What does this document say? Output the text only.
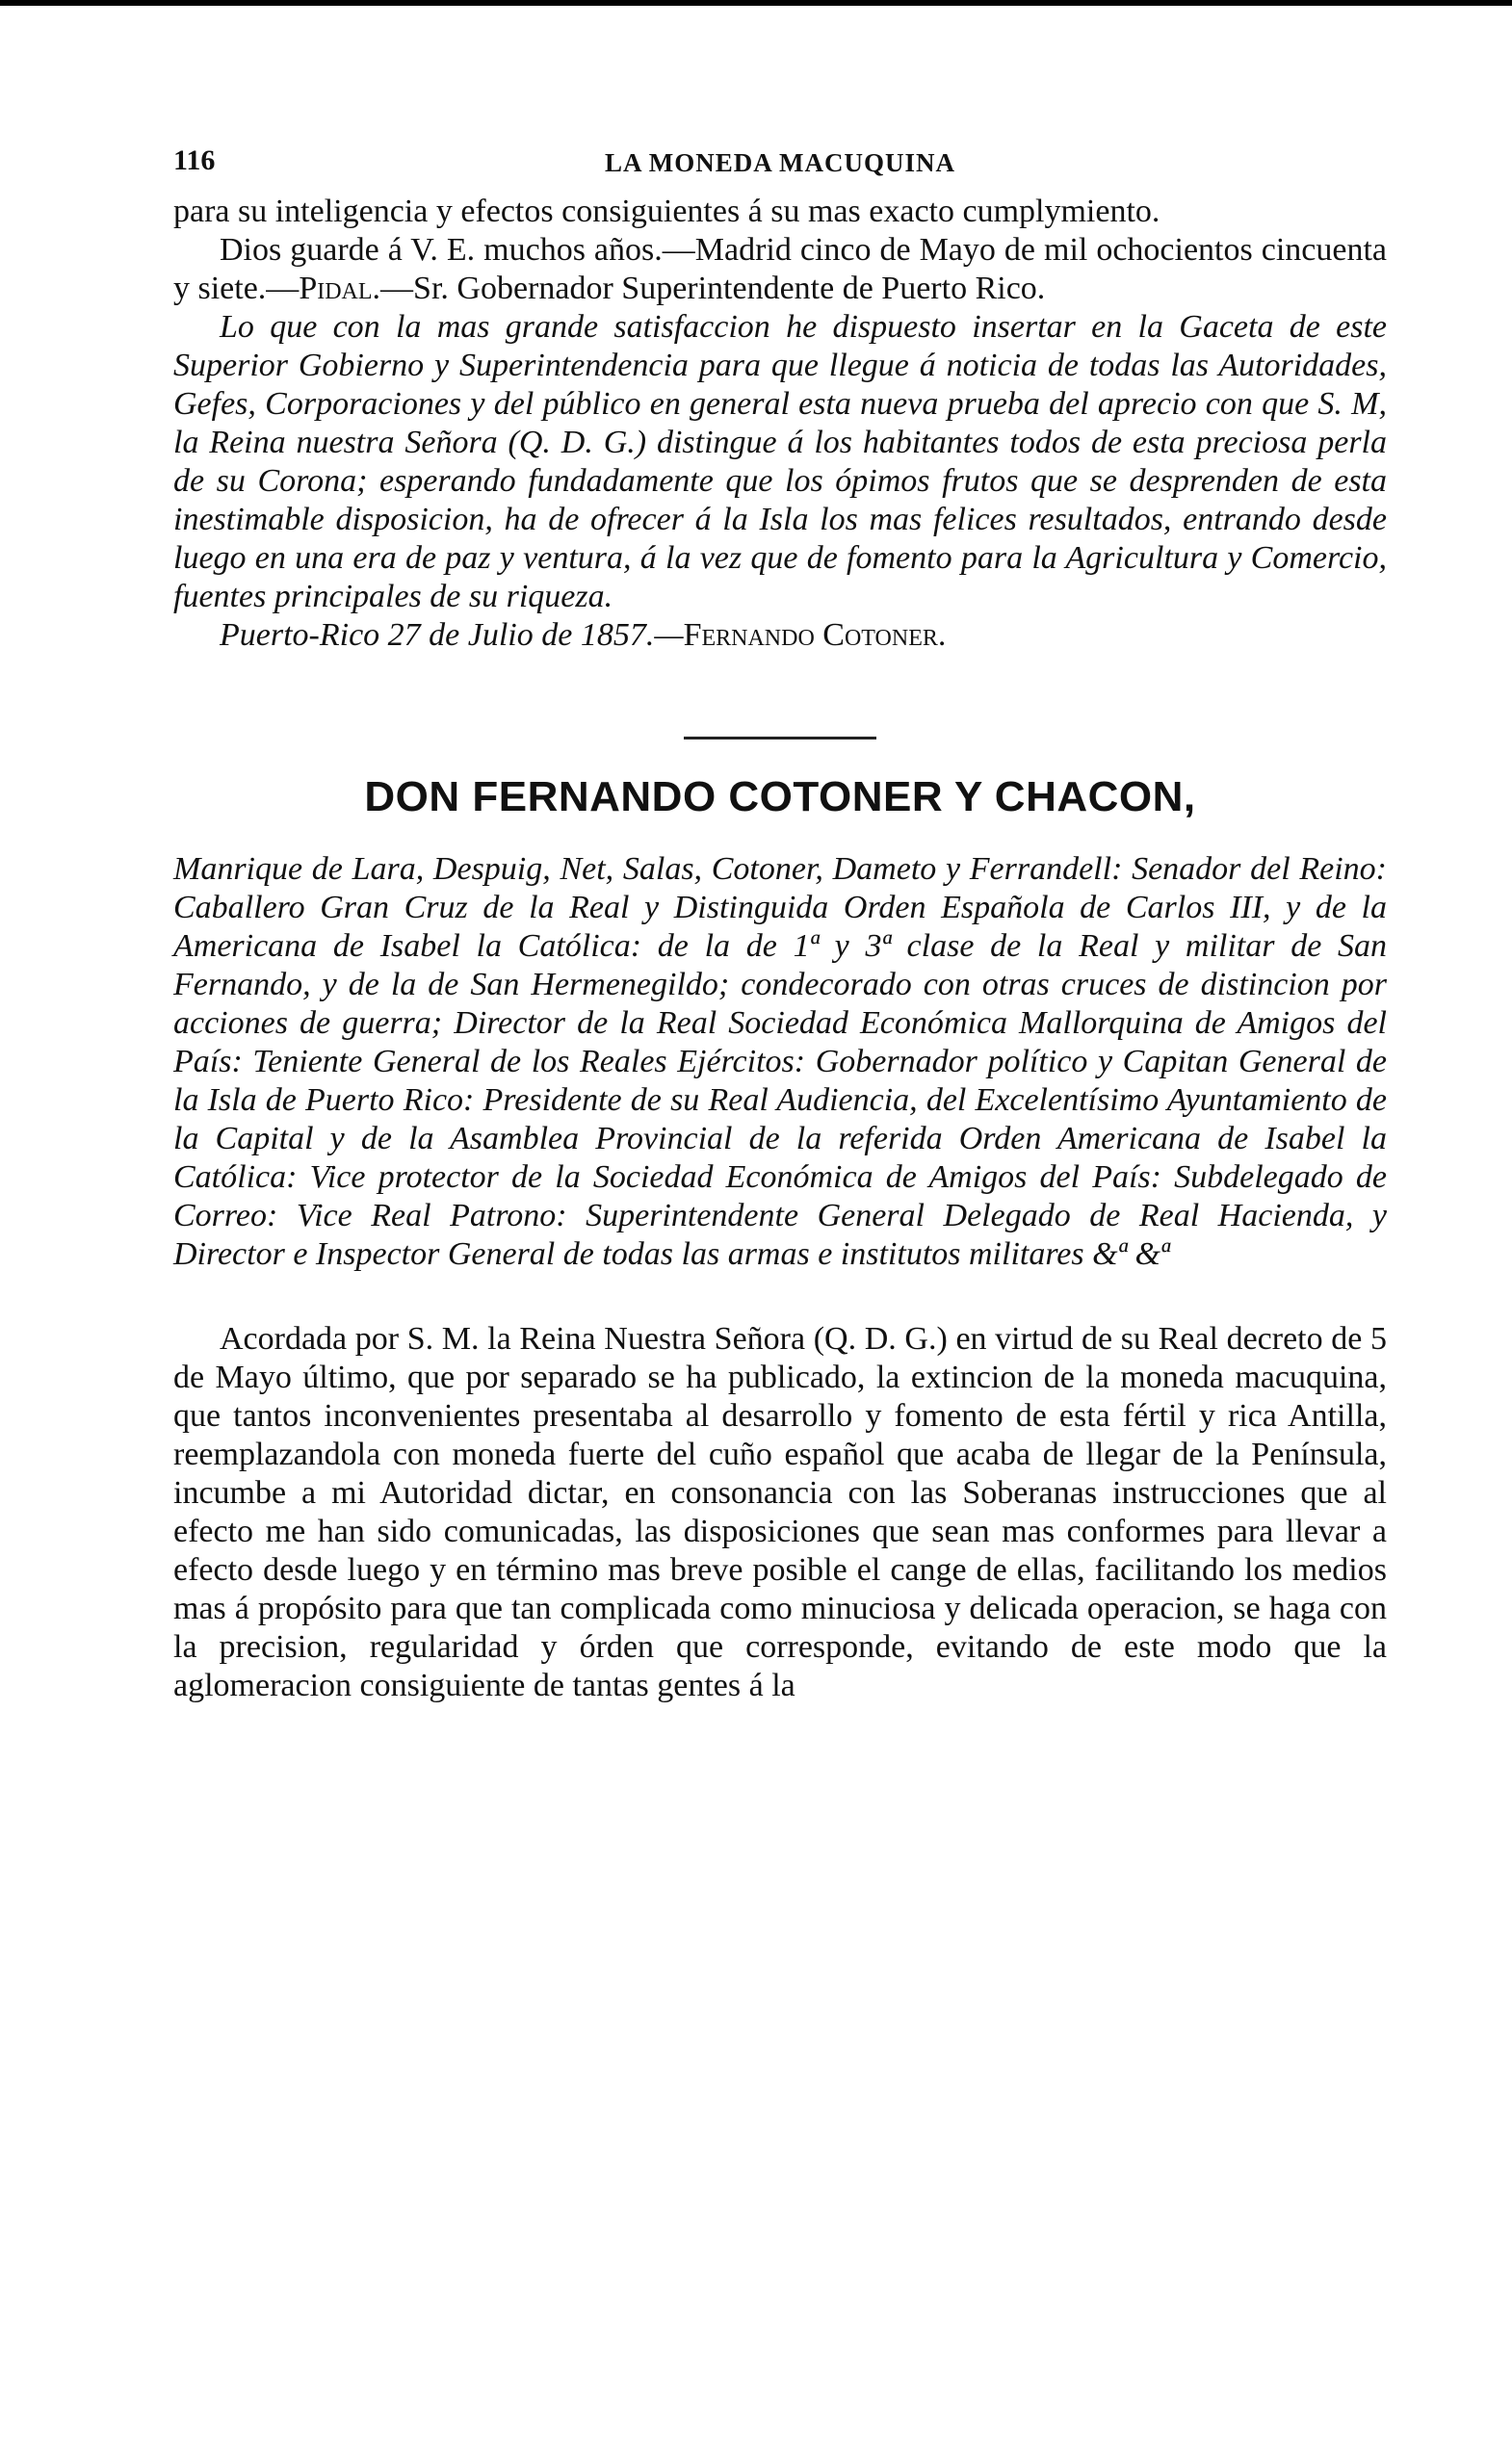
116	LA MONEDA MACUQUINA

para su inteligencia y efectos consiguientes á su mas exacto cumplymiento.

Dios guarde á V. E. muchos años.—Madrid cinco de Mayo de mil ochocientos cincuenta y siete.—Pidal.—Sr. Gobernador Superintendente de Puerto Rico.

Lo que con la mas grande satisfaccion he dispuesto insertar en la Gaceta de este Superior Gobierno y Superintendencia para que llegue á noticia de todas las Autoridades, Gefes, Corporaciones y del público en general esta nueva prueba del aprecio con que S. M, la Reina nuestra Señora (Q. D. G.) distingue á los habitantes todos de esta preciosa perla de su Corona; esperando fundadamente que los ópimos frutos que se desprenden de esta inestimable disposicion, ha de ofrecer á la Isla los mas felices resultados, entrando desde luego en una era de paz y ventura, á la vez que de fomento para la Agricultura y Comercio, fuentes principales de su riqueza.

Puerto-Rico 27 de Julio de 1857.—Fernando Cotoner.

DON FERNANDO COTONER Y CHACON,

Manrique de Lara, Despuig, Net, Salas, Cotoner, Dameto y Ferrandell: Senador del Reino: Caballero Gran Cruz de la Real y Distinguida Orden Española de Carlos III, y de la Americana de Isabel la Católica: de la de 1ª y 3ª clase de la Real y militar de San Fernando, y de la de San Hermenegildo; condecorado con otras cruces de distincion por acciones de guerra; Director de la Real Sociedad Económica Mallorquina de Amigos del País: Teniente General de los Reales Ejércitos: Gobernador político y Capitan General de la Isla de Puerto Rico: Presidente de su Real Audiencia, del Excelentísimo Ayuntamiento de la Capital y de la Asamblea Provincial de la referida Orden Americana de Isabel la Católica: Vice protector de la Sociedad Económica de Amigos del País: Subdelegado de Correo: Vice Real Patrono: Superintendente General Delegado de Real Hacienda, y Director e Inspector General de todas las armas e institutos militares &ª &ª

Acordada por S. M. la Reina Nuestra Señora (Q. D. G.) en virtud de su Real decreto de 5 de Mayo último, que por separado se ha publicado, la extincion de la moneda macuquina, que tantos inconvenientes presentaba al desarrollo y fomento de esta fértil y rica Antilla, reemplazandola con moneda fuerte del cuño español que acaba de llegar de la Península, incumbe a mi Autoridad dictar, en consonancia con las Soberanas instrucciones que al efecto me han sido comunicadas, las disposiciones que sean mas conformes para llevar a efecto desde luego y en término mas breve posible el cange de ellas, facilitando los medios mas á propósito para que tan complicada como minuciosa y delicada operacion, se haga con la precision, regularidad y órden que corresponde, evitando de este modo que la aglomeracion consiguiente de tantas gentes á la
